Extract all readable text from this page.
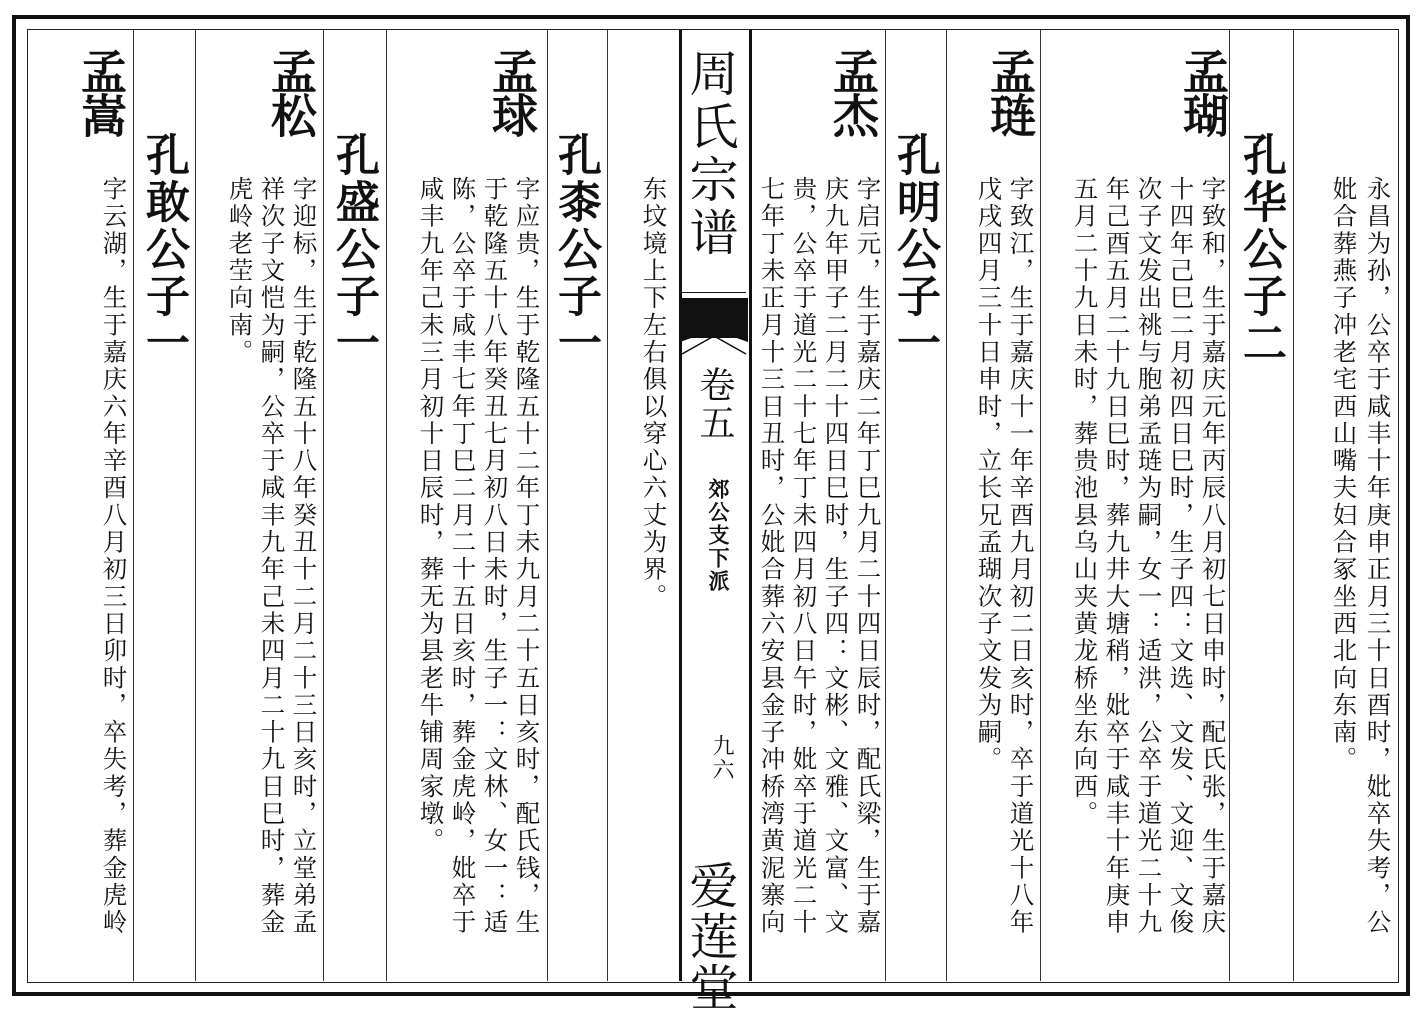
永昌为孙，公卒于咸丰十年庚申正月三十日酉时，妣卒失考，公
妣合葬燕子冲老宅西山嘴夫妇合冢坐西北向东南。
孔华公子二
孟瑚
字致和，生于嘉庆元年丙辰八月初七日申时，配氏张，生于嘉庆
十四年己巳二月初四日巳时，生子四：文选、文发、文迎、文俊
次子文发出祧与胞弟孟琏为嗣，女一：适洪，公卒于道光二十九
年己酉五月二十九日巳时，葬九井大塘稍，妣卒于咸丰十年庚申
五月二十九日未时，葬贵池县乌山夹黄龙桥坐东向西。
孟琏
字致江，生于嘉庆十一年辛酉九月初二日亥时，卒于道光十八年
戊戌四月三十日申时，立长兄孟瑚次子文发为嗣。
孔明公子一
孟杰
字启元，生于嘉庆二年丁巳九月二十四日辰时，配氏梁，生于嘉
庆九年甲子二月二十四日巳时，生子四：文彬、文雅、文富、文
贵，公卒于道光二十七年丁未四月初八日午时，妣卒于道光二十
七年丁未正月十三日丑时，公妣合葬六安县金子冲桥湾黄泥寨向
周氏宗谱
卷五
郊公支下派
九六
爱莲堂
东坟境上下左右俱以穿心六丈为界。
孔桼公子一
孟球
字应贵，生于乾隆五十二年丁未九月二十五日亥时，配氏钱，生
于乾隆五十八年癸丑七月初八日未时，生子一：文林、女一：适
陈，公卒于咸丰七年丁巳二月二十五日亥时，葬金虎岭，妣卒于
咸丰九年己未三月初十日辰时，葬无为县老牛铺周家墩。
孔盛公子一
孟松
字迎标，生于乾隆五十八年癸丑十二月二十三日亥时，立堂弟孟
祥次子文恺为嗣，公卒于咸丰九年己未四月二十九日巳时，葬金
虎岭老茔向南。
孔敢公子一
孟嵩
字云湖，生于嘉庆六年辛酉八月初三日卯时，卒失考，葬金虎岭
